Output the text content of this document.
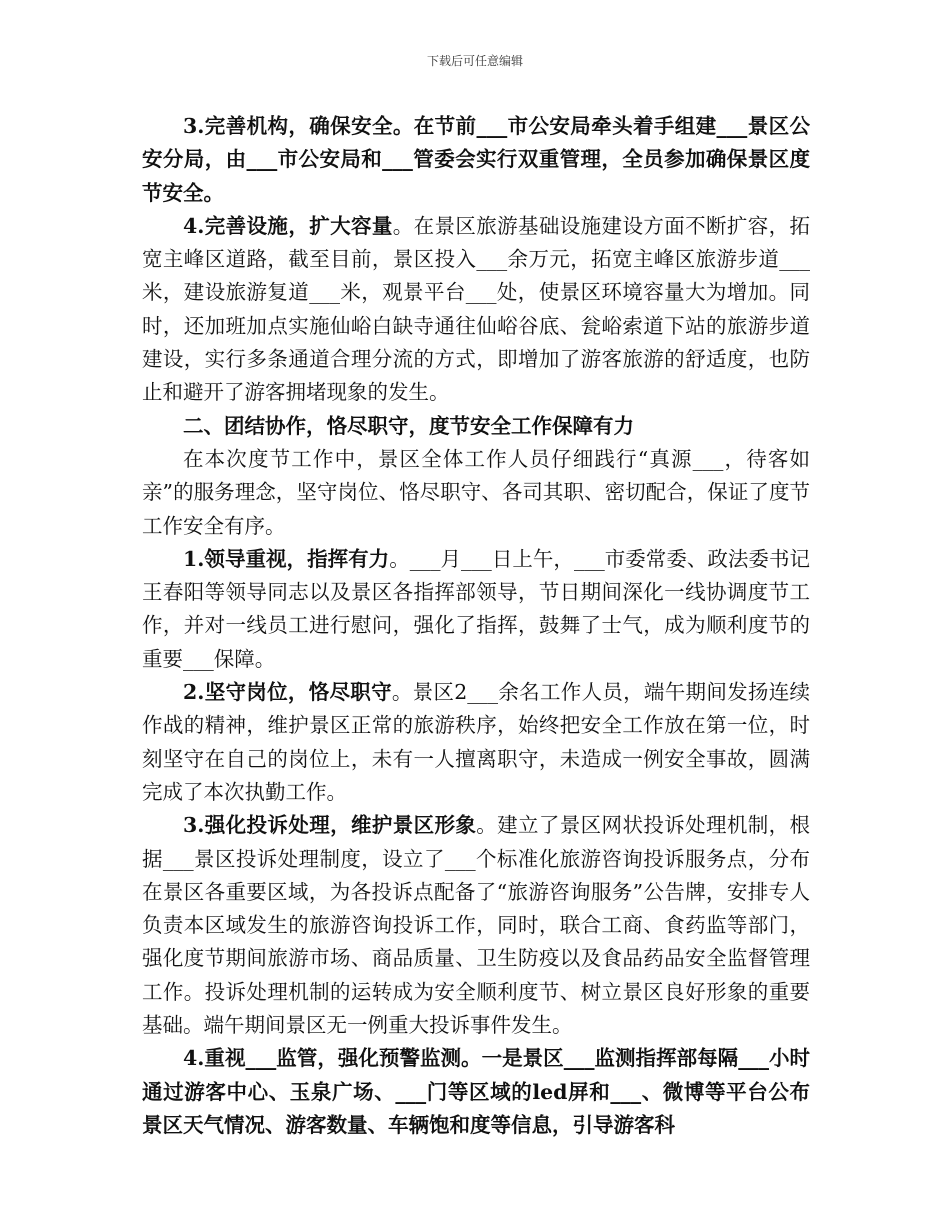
下载后可任意编辑

3.完善机构，确保安全。在节前___市公安局牵头着手组建___景区公安分局，由___市公安局和___管委会实行双重管理，全员参加确保景区度节安全。

4.完善设施，扩大容量。在景区旅游基础设施建设方面不断扩容，拓宽主峰区道路，截至目前，景区投入___余万元，拓宽主峰区旅游步道___米，建设旅游复道___米，观景平台___处，使景区环境容量大为增加。同时，还加班加点实施仙峪白缺寺通往仙峪谷底、瓮峪索道下站的旅游步道建设，实行多条通道合理分流的方式，即增加了游客旅游的舒适度，也防止和避开了游客拥堵现象的发生。

二、团结协作，恪尽职守，度节安全工作保障有力

在本次度节工作中，景区全体工作人员仔细践行“真源___，待客如亲”的服务理念，坚守岗位、恪尽职守、各司其职、密切配合，保证了度节工作安全有序。

1.领导重视，指挥有力。___月___日上午，___市委常委、政法委书记王春阳等领导同志以及景区各指挥部领导，节日期间深化一线协调度节工作，并对一线员工进行慰问，强化了指挥，鼓舞了士气，成为顺利度节的重要___保障。

2.坚守岗位，恪尽职守。景区2___余名工作人员，端午期间发扬连续作战的精神，维护景区正常的旅游秩序，始终把安全工作放在第一位，时刻坚守在自己的岗位上，未有一人擅离职守，未造成一例安全事故，圆满完成了本次执勤工作。

3.强化投诉处理，维护景区形象。建立了景区网状投诉处理机制，根据___景区投诉处理制度，设立了___个标准化旅游咨询投诉服务点，分布在景区各重要区域，为各投诉点配备了“旅游咨询服务”公告牌，安排专人负责本区域发生的旅游咨询投诉工作，同时，联合工商、食药监等部门，强化度节期间旅游市场、商品质量、卫生防疫以及食品药品安全监督管理工作。投诉处理机制的运转成为安全顺利度节、树立景区良好形象的重要基础。端午期间景区无一例重大投诉事件发生。

4.重视___监管，强化预警监测。一是景区___监测指挥部每隔___小时通过游客中心、玉泉广场、___门等区域的led屏和___、微博等平台公布景区天气情况、游客数量、车辆饱和度等信息，引导游客科
